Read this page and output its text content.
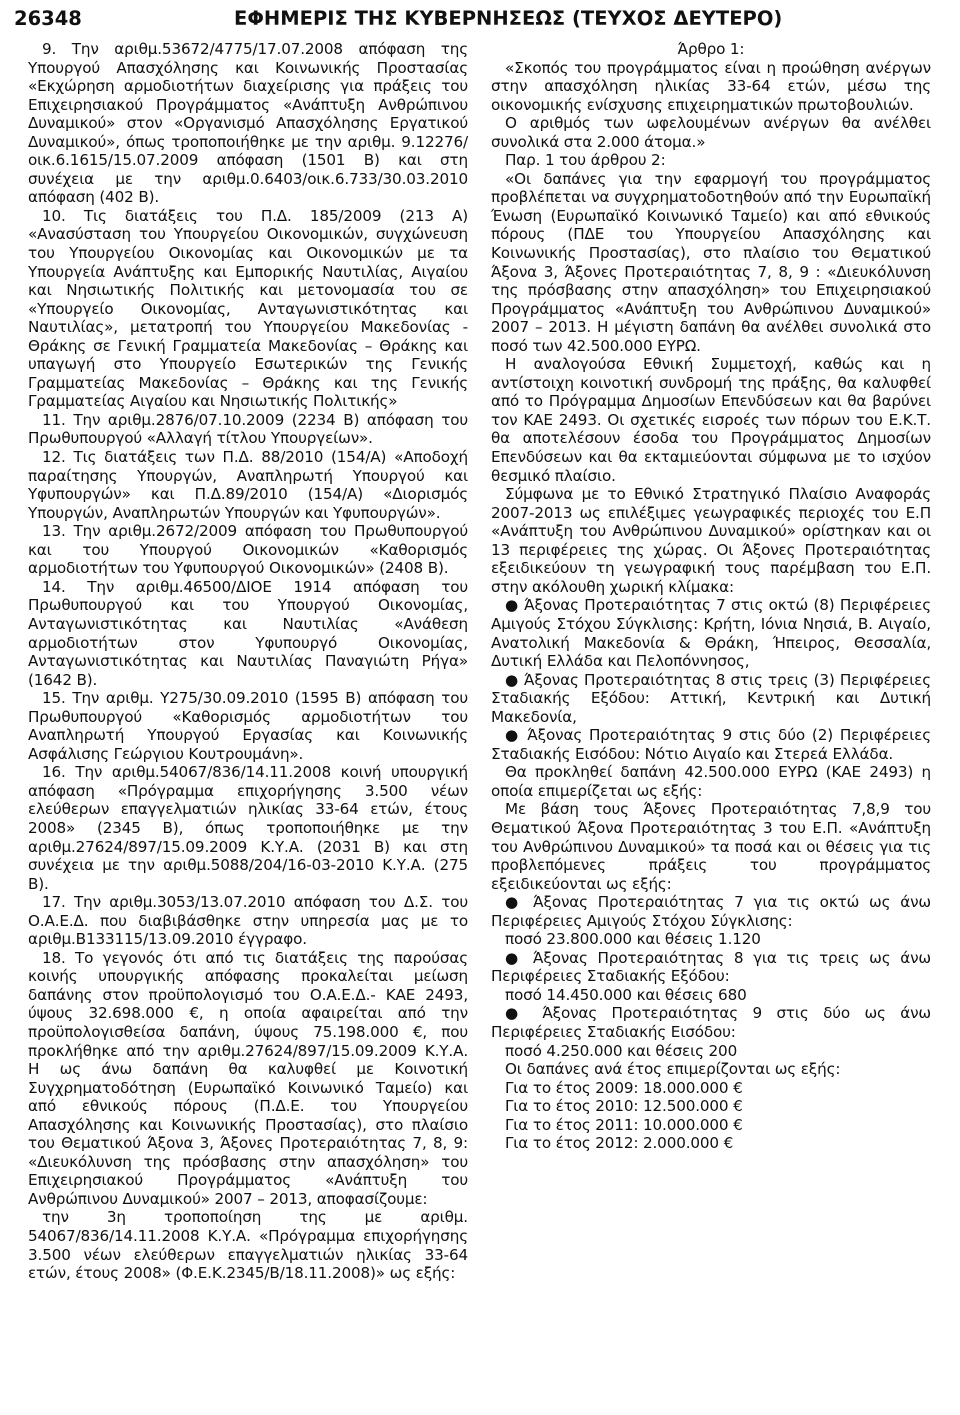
26348	ΕΦΗΜΕΡΙΣ ΤΗΣ ΚΥΒΕΡΝΗΣΕΩΣ (ΤΕΥΧΟΣ ΔΕΥΤΕΡΟ)

9. Την αριθμ.53672/4775/17.07.2008 απόφαση της Υπουργού Απασχόλησης και Κοινωνικής Προστασίας «Εκχώρηση αρμοδιοτήτων διαχείρισης για πράξεις του Επιχειρησιακού Προγράμματος «Ανάπτυξη Ανθρώπινου Δυναμικού» στον «Οργανισμό Απασχόλησης Εργατικού Δυναμικού», όπως τροποποιήθηκε με την αριθμ. 9.12276/οικ.6.1615/15.07.2009 απόφαση (1501 Β) και στη συνέχεια με την αριθμ.0.6403/οικ.6.733/30.03.2010 απόφαση (402 Β).

10. Τις διατάξεις του Π.Δ. 185/2009 (213 Α) «Ανασύσταση του Υπουργείου Οικονομικών, συγχώνευση του Υπουργείου Οικονομίας και Οικονομικών με τα Υπουργεία Ανάπτυξης και Εμπορικής Ναυτιλίας, Αιγαίου και Νησιωτικής Πολιτικής και μετονομασία του σε «Υπουργείο Οικονομίας, Ανταγωνιστικότητας και Ναυτιλίας», μετατροπή του Υπουργείου Μακεδονίας - Θράκης σε Γενική Γραμματεία Μακεδονίας – Θράκης και υπαγωγή στο Υπουργείο Εσωτερικών της Γενικής Γραμματείας Μακεδονίας – Θράκης και της Γενικής Γραμματείας Αιγαίου και Νησιωτικής Πολιτικής»

11. Την αριθμ.2876/07.10.2009 (2234 Β) απόφαση του Πρωθυπουργού «Αλλαγή τίτλου Υπουργείων».

12. Τις διατάξεις των Π.Δ. 88/2010 (154/Α) «Αποδοχή παραίτησης Υπουργών, Αναπληρωτή Υπουργού και Υφυπουργών» και Π.Δ.89/2010 (154/Α) «Διορισμός Υπουργών, Αναπληρωτών Υπουργών και Υφυπουργών».

13. Την αριθμ.2672/2009 απόφαση του Πρωθυπουργού και του Υπουργού Οικονομικών «Καθορισμός αρμοδιοτήτων του Υφυπουργού Οικονομικών» (2408 Β).

14. Την αριθμ.46500/ΔΙΟΕ 1914 απόφαση του Πρωθυπουργού και του Υπουργού Οικονομίας, Ανταγωνιστικότητας και Ναυτιλίας «Ανάθεση αρμοδιοτήτων στον Υφυπουργό Οικονομίας, Ανταγωνιστικότητας και Ναυτιλίας Παναγιώτη Ρήγα» (1642 Β).

15. Την αριθμ. Υ275/30.09.2010 (1595 Β) απόφαση του Πρωθυπουργού «Καθορισμός αρμοδιοτήτων του Αναπληρωτή Υπουργού Εργασίας και Κοινωνικής Ασφάλισης Γεώργιου Κουτρουμάνη».

16. Την αριθμ.54067/836/14.11.2008 κοινή υπουργική απόφαση «Πρόγραμμα επιχορήγησης 3.500 νέων ελεύθερων επαγγελματιών ηλικίας 33-64 ετών, έτους 2008» (2345 Β), όπως τροποποιήθηκε με την αριθμ.27624/897/15.09.2009 Κ.Υ.Α. (2031 Β) και στη συνέχεια με την αριθμ.5088/204/16-03-2010 Κ.Υ.Α. (275 Β).

17. Την αριθμ.3053/13.07.2010 απόφαση του Δ.Σ. του Ο.Α.Ε.Δ. που διαβιβάσθηκε στην υπηρεσία μας με το αριθμ.Β133115/13.09.2010 έγγραφο.

18. Το γεγονός ότι από τις διατάξεις της παρούσας κοινής υπουργικής απόφασης προκαλείται μείωση δαπάνης στον προϋπολογισμό του Ο.Α.Ε.Δ.- ΚΑΕ 2493, ύψους 32.698.000 €, η οποία αφαιρείται από την προϋπολογισθείσα δαπάνη, ύψους 75.198.000 €, που προκλήθηκε από την αριθμ.27624/897/15.09.2009 Κ.Υ.Α. Η ως άνω δαπάνη θα καλυφθεί με Κοινοτική Συγχρηματοδότηση (Ευρωπαϊκό Κοινωνικό Ταμείο) και από εθνικούς πόρους (Π.Δ.Ε. του Υπουργείου Απασχόλησης και Κοινωνικής Προστασίας), στο πλαίσιο του Θεματικού Άξονα 3, Άξονες Προτεραιότητας 7, 8, 9: «Διευκόλυνση της πρόσβασης στην απασχόληση» του Επιχειρησιακού Προγράμματος «Ανάπτυξη του Ανθρώπινου Δυναμικού» 2007 – 2013, αποφασίζουμε:

την 3η τροποποίηση της με αριθμ. 54067/836/14.11.2008 Κ.Υ.Α. «Πρόγραμμα επιχορήγησης 3.500 νέων ελεύθερων επαγγελματιών ηλικίας 33-64 ετών, έτους 2008» (Φ.Ε.Κ.2345/Β/18.11.2008)» ως εξής:

Άρθρο 1:

«Σκοπός του προγράμματος είναι η προώθηση ανέργων στην απασχόληση ηλικίας 33-64 ετών, μέσω της οικονομικής ενίσχυσης επιχειρηματικών πρωτοβουλιών.

Ο αριθμός των ωφελουμένων ανέργων θα ανέλθει συνολικά στα 2.000 άτομα.»

Παρ. 1 του άρθρου 2:

«Οι δαπάνες για την εφαρμογή του προγράμματος προβλέπεται να συγχρηματοδοτηθούν από την Ευρωπαϊκή Ένωση (Ευρωπαϊκό Κοινωνικό Ταμείο) και από εθνικούς πόρους (ΠΔΕ του Υπουργείου Απασχόλησης και Κοινωνικής Προστασίας), στο πλαίσιο του Θεματικού Άξονα 3, Άξονες Προτεραιότητας 7, 8, 9 : «Διευκόλυνση της πρόσβασης στην απασχόληση» του Επιχειρησιακού Προγράμματος «Ανάπτυξη του Ανθρώπινου Δυναμικού» 2007 – 2013. Η μέγιστη δαπάνη θα ανέλθει συνολικά στο ποσό των 42.500.000 ΕΥΡΩ.

Η αναλογούσα Εθνική Συμμετοχή, καθώς και η αντίστοιχη κοινοτική συνδρομή της πράξης, θα καλυφθεί από το Πρόγραμμα Δημοσίων Επενδύσεων και θα βαρύνει τον ΚΑΕ 2493. Οι σχετικές εισροές των πόρων του Ε.Κ.Τ. θα αποτελέσουν έσοδα του Προγράμματος Δημοσίων Επενδύσεων και θα εκταμιεύονται σύμφωνα με το ισχύον θεσμικό πλαίσιο.

Σύμφωνα με το Εθνικό Στρατηγικό Πλαίσιο Αναφοράς 2007-2013 ως επιλέξιμες γεωγραφικές περιοχές του Ε.Π «Ανάπτυξη του Ανθρώπινου Δυναμικού» ορίστηκαν και οι 13 περιφέρειες της χώρας. Οι Άξονες Προτεραιότητας εξειδικεύουν τη γεωγραφική τους παρέμβαση του Ε.Π. στην ακόλουθη χωρική κλίμακα:

● Άξονας Προτεραιότητας 7 στις οκτώ (8) Περιφέρειες Αμιγούς Στόχου Σύγκλισης: Κρήτη, Ιόνια Νησιά, Β. Αιγαίο, Ανατολική Μακεδονία & Θράκη, Ήπειρος, Θεσσαλία, Δυτική Ελλάδα και Πελοπόννησος,

● Άξονας Προτεραιότητας 8 στις τρεις (3) Περιφέρειες Σταδιακής Εξόδου: Αττική, Κεντρική και Δυτική Μακεδονία,

● Άξονας Προτεραιότητας 9 στις δύο (2) Περιφέρειες Σταδιακής Εισόδου: Νότιο Αιγαίο και Στερεά Ελλάδα.

Θα προκληθεί δαπάνη 42.500.000 ΕΥΡΩ (ΚΑΕ 2493) η οποία επιμερίζεται ως εξής:

Με βάση τους Άξονες Προτεραιότητας 7,8,9 του Θεματικού Άξονα Προτεραιότητας 3 του Ε.Π. «Ανάπτυξη του Ανθρώπινου Δυναμικού» τα ποσά και οι θέσεις για τις προβλεπόμενες πράξεις του προγράμματος εξειδικεύονται ως εξής:

● Άξονας Προτεραιότητας 7 για τις οκτώ ως άνω Περιφέρειες Αμιγούς Στόχου Σύγκλισης:

ποσό 23.800.000 και θέσεις 1.120

● Άξονας Προτεραιότητας 8 για τις τρεις ως άνω Περιφέρειες Σταδιακής Εξόδου:

ποσό 14.450.000 και θέσεις 680

● Άξονας Προτεραιότητας 9 στις δύο ως άνω Περιφέρειες Σταδιακής Εισόδου:

ποσό 4.250.000 και θέσεις 200

Οι δαπάνες ανά έτος επιμερίζονται ως εξής:

Για το έτος 2009: 18.000.000 €

Για το έτος 2010: 12.500.000 €

Για το έτος 2011: 10.000.000 €

Για το έτος 2012: 2.000.000 €
